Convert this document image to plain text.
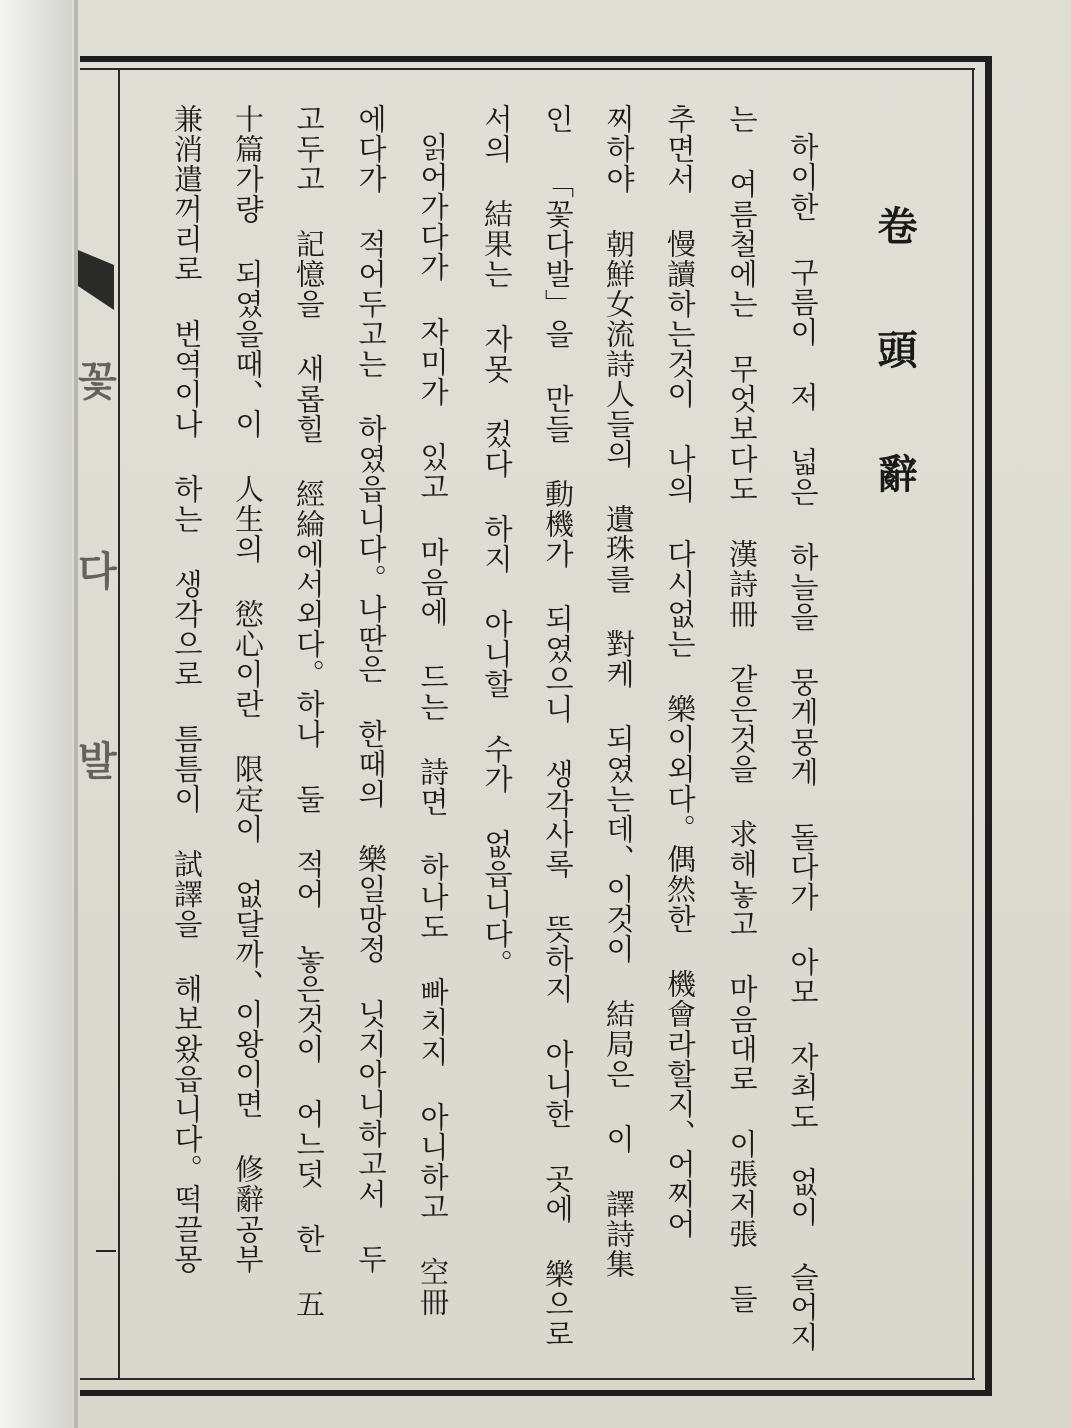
꽃다발	卷頭辭
하이한 구름이 저 넓은 하늘을 뭉게뭉게 돌다가 아모 자최도 없이 슬어지
는 여름철에는 무엇보다도 漢詩冊 같은것을 求해놓고 마음대로 이張저張 들
추면서 慢讀하는것이 나의 다시없는 樂이외다。偶然한 機會라할지、어찌어
찌하야 朝鮮女流詩人들의 遺珠를 對케 되였는데、이것이 結局은 이 譯詩集
인 「꽃다발」을 만들 動機가 되였으니 생각사록 뜻하지 아니한 곳에 樂으로
서의 結果는 자못 컸다 하지 아니할 수가 없읍니다。
읽어가다가 자미가 있고 마음에 드는 詩면 하나도 빠치지 아니하고 空冊
에다가 적어두고는 하였읍니다。나딴은 한때의 樂일망정 닛지아니하고서 두
고두고 記憶을 새롭힐 經綸에서외다。하나 둘 적어 놓은것이 어느덧 한 五
十篇가량 되였을때、이 人生의 慾心이란 限定이 없달까、이왕이면 修辭공부
兼消遣꺼리로 번역이나 하는 생각으로 틈틈이 試譯을 해보왔읍니다。떡끌몽
